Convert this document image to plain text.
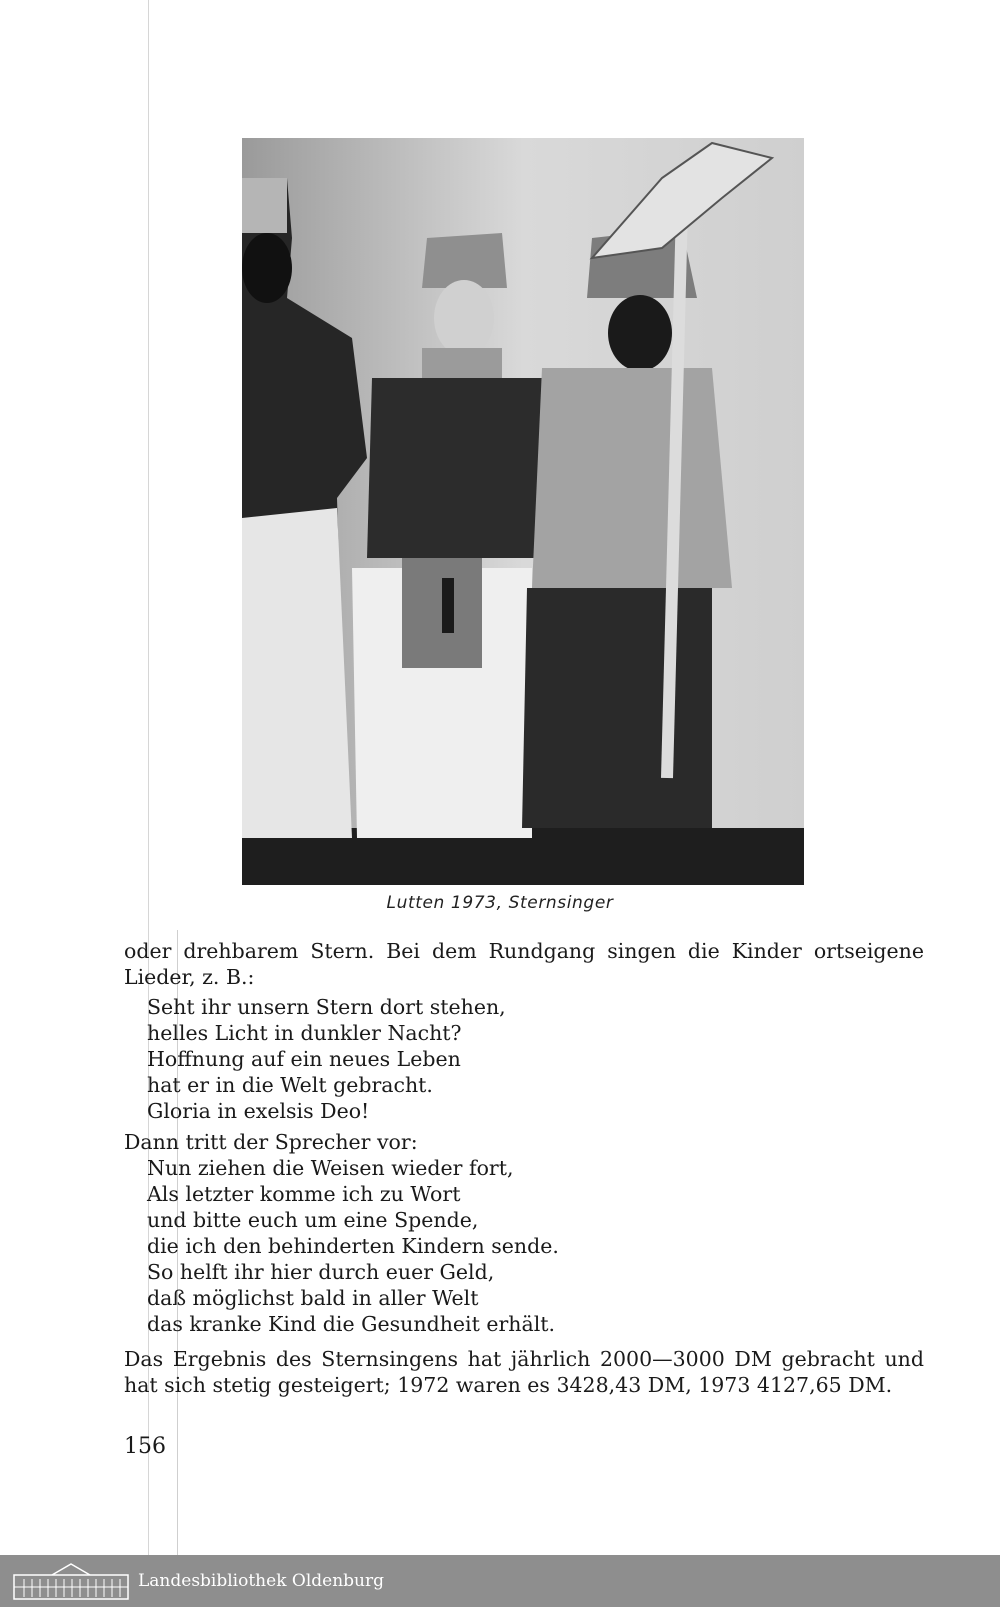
Lutten 1973, Sternsinger

oder drehbarem Stern. Bei dem Rundgang singen die Kinder ortseigene

Lieder, z. B.:

Seht ihr unsern Stern dort stehen,
helles Licht in dunkler Nacht?
Hoffnung auf ein neues Leben
hat er in die Welt gebracht.
Gloria in exelsis Deo!

Dann tritt der Sprecher vor:

Nun ziehen die Weisen wieder fort,
Als letzter komme ich zu Wort
und bitte euch um eine Spende,
die ich den behinderten Kindern sende.
So helft ihr hier durch euer Geld,
daß möglichst bald in aller Welt
das kranke Kind die Gesundheit erhält.

Das Ergebnis des Sternsingens hat jährlich 2000—3000 DM gebracht und

hat sich stetig gesteigert; 1972 waren es 3428,43 DM, 1973 4127,65 DM.

156
Landesbibliothek Oldenburg
